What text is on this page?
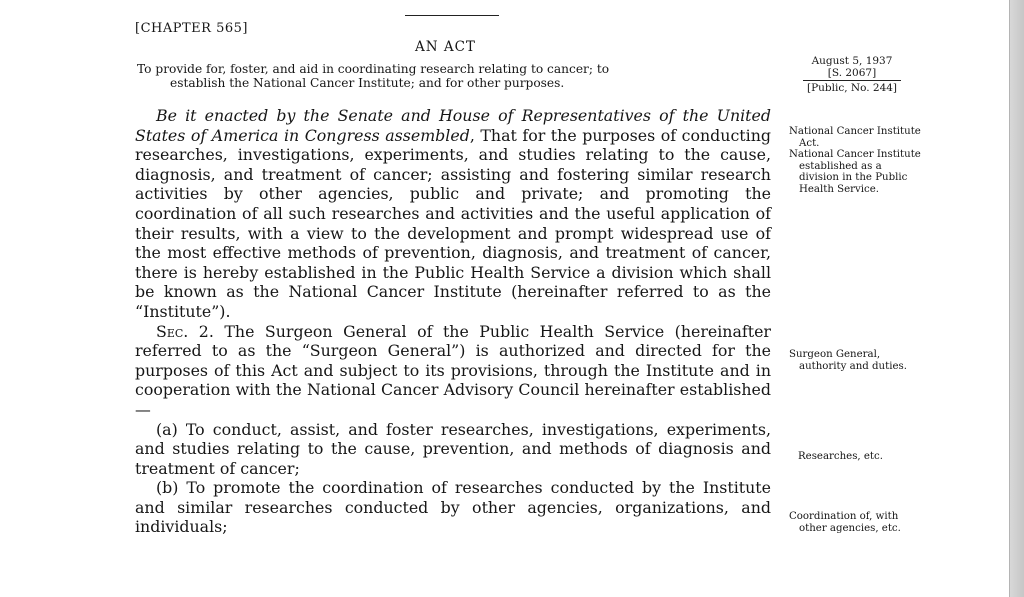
[CHAPTER 565]
AN ACT
To provide for, foster, and aid in coordinating research relating to cancer; to
establish the National Cancer Institute; and for other purposes.
August 5, 1937
[S. 2067]
[Public, No. 244]

Be it enacted by the Senate and House of Representatives of the United States of America in Congress assembled, That for the purposes of conducting researches, investigations, experiments, and studies relating to the cause, diagnosis, and treatment of cancer; assisting and fostering similar research activities by other agencies, public and private; and promoting the coordination of all such researches and activities and the useful application of their results, with a view to the development and prompt widespread use of the most effective methods of prevention, diagnosis, and treatment of cancer, there is hereby established in the Public Health Service a division which shall be known as the National Cancer Institute (hereinafter referred to as the “Institute”).

Sec. 2. The Surgeon General of the Public Health Service (hereinafter referred to as the “Surgeon General”) is authorized and directed for the purposes of this Act and subject to its provisions, through the Institute and in cooperation with the National Cancer Advisory Council hereinafter established—

(a) To conduct, assist, and foster researches, investigations, experiments, and studies relating to the cause, prevention, and methods of diagnosis and treatment of cancer;

(b) To promote the coordination of researches conducted by the Institute and similar researches conducted by other agencies, organizations, and individuals;

National Cancer Institute Act.
National Cancer Institute established as a division in the Public Health Service.
Surgeon General, authority and duties.
Researches, etc.
Coordination of, with other agencies, etc.
